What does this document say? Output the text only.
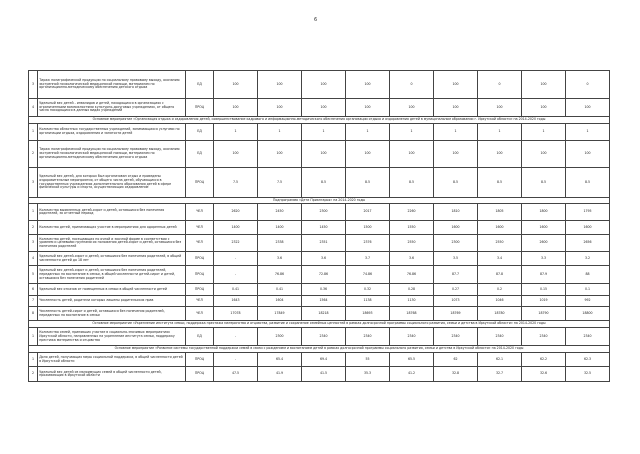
6
3	Тираж полиграфической продукции по социальному правовому выходу, оказанию экстренной психологической медицинской помощи, материалам по организационно-методическому обеспечению детского отдыха	ЕД	100	100	100	100	0	100	0	100	0
4	Удельный вес детей - инвалидов и детей, находящихся в организациях с ограниченными возможностями культурно-досуговых учреждениях, от общего числа находящихся в данных видах учреждений	ПРОЦ	100	100	100	100	100	100	100	100	100
Основное мероприятие «Организация отдыха и оздоровления детей, совершенствование кадрового и информационно-методического обеспечения организации отдыха и оздоровления детей в муниципальном образовании г. Иркутской области» на 2014-2020 годы											
1	Количество областных государственных учреждений, занимающихся услугами по организации отдыха, оздоровления и занятости детей	ЕД	1	1	1	1	1	1	1	1	1
2	Тираж полиграфической продукции по социальному правовому выходу, оказанию экстренной психологической медицинской помощи, материалам по организационно-методическому обеспечению детского отдыха	ЕД	100	100	100	100	100	100	100	100	100
3	Удельный вес детей, для которых был организован отдых и проведены оздоровительные мероприятия, от общего числа детей, обучающихся в государственных учреждениях дополнительного образования детей в сфере физической культуры и спорта, осуществляющих оздоровление	ПРОЦ	7.5	7.5	8.5	8.5	8.5	8.5	8.5	8.5	8.5
Подпрограмма «Дети Приангарья» на 2014-2020 годы											
1	Количество выявленных детей-сирот и детей, оставшихся без попечения родителей, за отчетный период	ЧЕЛ	2620	2450	2300	2017	2260	1810	1805	1800	1795
2	Количество детей, принимающих участие в мероприятиях для одаренных детей	ЧЕЛ	1400	1400	1450	1500	1550	1600	1600	1600	1600
3	Количество детей, посещающих по очной и заочной форме в соответствии с уровнем и целевыми группами их положения детей-сирот и детей, оставшихся без попечения родителей	ЧЕЛ	2322	2338	2351	2376	2550	2300	2550	2600	2656
4	Удельный вес детей-сирот и детей, оставшихся без попечения родителей, в общей численности детей до 18 лет	ПРОЦ	-	3.6	3.6	3.7	3.6	3.5	3.4	3.3	3.2
5	Удельный вес детей-сирот и детей, оставшихся без попечения родителей, переданных на воспитание в семьи, в общей численности детей-сирот и детей, оставшихся без попечения родителей	ПРОЦ	-	76.86	72.86	74.86	76.86	87.7	87.8	87.9	88
6	Удельный вес отказов от помещенных в семьи в общей численности детей	ПРОЦ	0.41	0.41	0.36	0.32	0.28	0.27	0.2	0.15	0.1
7	Численность детей, родители которых лишены родительских прав	ЧЕЛ	1643	1604	1564	1138	1130	1073	1046	1019	992
8	Численность детей-сирот и детей, оставшихся без попечения родителей, переданных на воспитание в семьи	ЧЕЛ	17078	17849	18218	18693	18768	18769	18780	18790	18800
Основное мероприятие «Укрепление института семьи, поддержка престижа материнства и отцовства, развитие и сохранение семейных ценностей в рамках долгосрочной программы социального развития, семьи и детства в Иркутской области» на 2014-2020 годы											
1	Количество семей, принявших участие в социально-значимых мероприятиях Иркутской области, направленных на укрепление института семьи, поддержку престижа материнства и отцовства	ЕД	-	2300	2340	2340	2340	2340	2340	2340	2340
Основное мероприятие «Развитие системы государственной поддержки семей в связи с рождением и воспитанием детей в рамках долгосрочной программы социального развития, семьи и детства в Иркутской области» на 2014-2020 годы											
1	Доля детей, получающих меры социальной поддержки, в общей численности детей в Иркутской области	ПРОЦ	-	65.4	69.4	55	65.5	62	62.1	62.2	62.3
2	Удельный вес детей из малоимущих семей в общей численности детей, проживающих в Иркутской области	ПРОЦ	47.5	41.9	41.5	35.3	41.2	32.8	32.7	32.6	32.5
